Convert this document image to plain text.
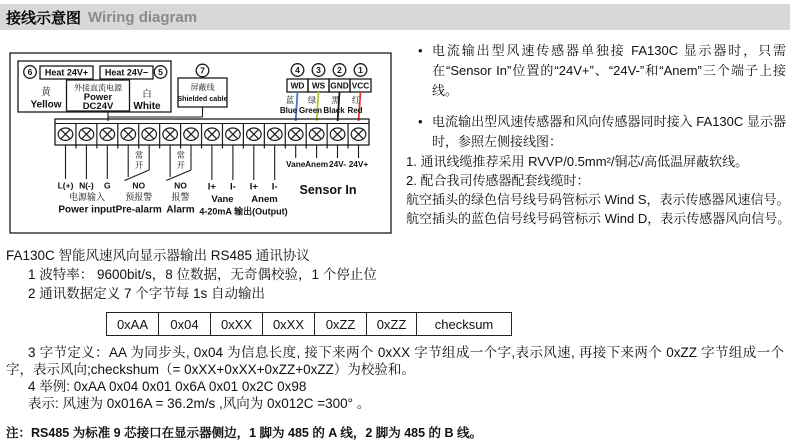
接线示意图 Wiring diagram
6 Heat 24V+ Heat 24V− 5
外接直流电源
Power
DC24V
黄
Yellow
白
White
7
屏蔽线
Shielded cable
4 3 2 1
WD WS GND VCC
蓝
Blue
绿
Green
黑
Black
红
Red
L(+) N(-) G
电源输入
Power input
常
开
NO
预报警
Pre-alarm
常
开
NO
报警
Alarm
I+ I- I+ I-
Vane Anem
4-20mA 输出(Output)
Vane Anem 24V- 24V+
Sensor In
• 电流输出型风速传感器单独接 FA130C 显示器时，只需在“Sensor In”位置的“24V+”、“24V-”和“Anem”三个端子上接线。
• 电流输出型风速传感器和风向传感器同时接入 FA130C 显示器时，参照左侧接线图：
1. 通讯线缆推荐采用 RVVP/0.5mm²/铜芯/高低温屏蔽软线。
2. 配合我司传感器配套线缆时：
航空插头的绿色信号线号码管标示 Wind S，表示传感器风速信号。
航空插头的蓝色信号线号码管标示 Wind D，表示传感器风向信号。
FA130C 智能风速风向显示器输出 RS485 通讯协议
1 波特率： 9600bit/s，8 位数据，无奇偶校验，1 个停止位
2 通讯数据定义 7 个字节每 1s 自动输出
0xAA	0x04	0xXX	0xXX	0xZZ	0xZZ	checksum
3 字节定义：AA 为同步头, 0x04 为信息长度, 接下来两个 0xXX 字节组成一个字,表示风速, 再接下来两个 0xZZ 字节组成一个字，表示风向;checkshum（= 0xXX+0xXX+0xZZ+0xZZ）为校验和。
4 举例: 0xAA 0x04 0x01 0x6A 0x01 0x2C 0x98
表示: 风速为 0x016A = 36.2m/s ,风向为 0x012C =300° 。
注：RS485 为标准 9 芯接口在显示器侧边，1 脚为 485 的 A 线，2 脚为 485 的 B 线。
